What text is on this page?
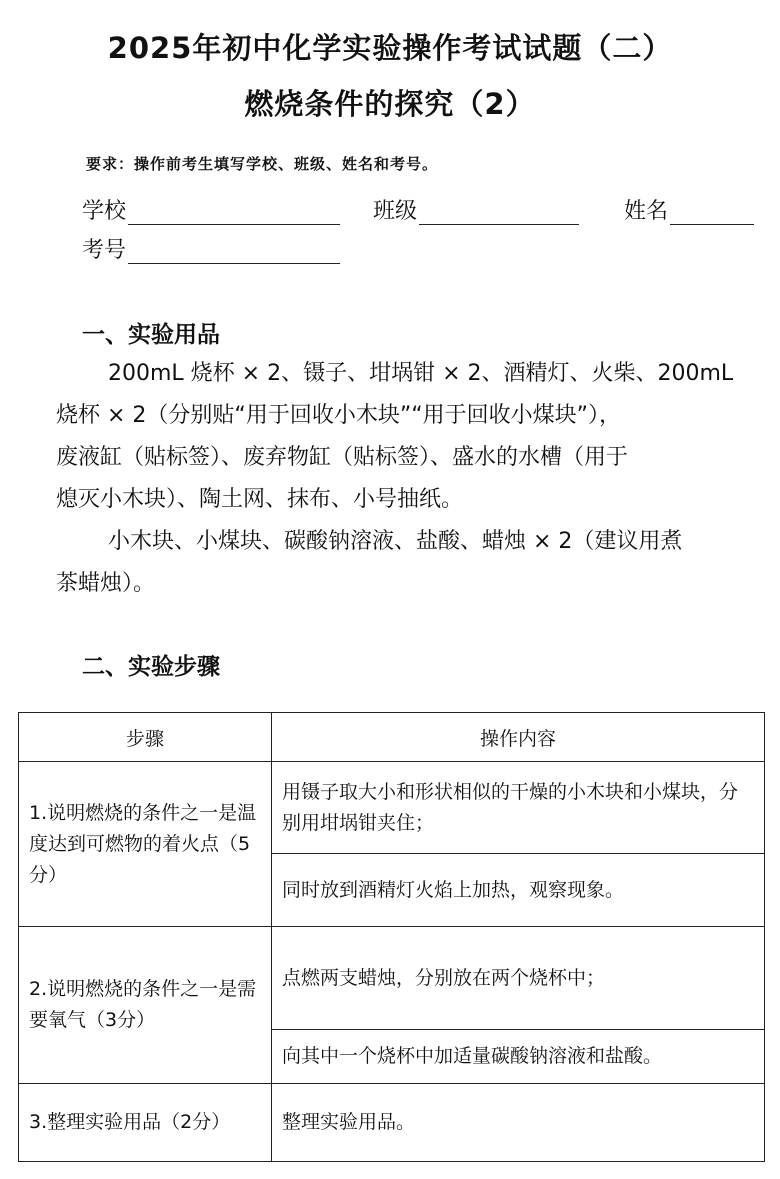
2025年初中化学实验操作考试试题（二）
燃烧条件的探究（2）
要求：操作前考生填写学校、班级、姓名和考号。
学校	班级	姓名
考号
一、实验用品
200mL 烧杯 × 2、镊子、坩埚钳 × 2、酒精灯、火柴、200mL
烧杯 × 2（分别贴“用于回收小木块”“用于回收小煤块”），
废液缸（贴标签）、废弃物缸（贴标签）、盛水的水槽（用于
熄灭小木块）、陶土网、抹布、小号抽纸。
小木块、小煤块、碳酸钠溶液、盐酸、蜡烛 × 2（建议用煮
茶蜡烛）。
二、实验步骤
步骤	操作内容
1.说明燃烧的条件之一是温度达到可燃物的着火点（5分）	用镊子取大小和形状相似的干燥的小木块和小煤块，分别用坩埚钳夹住；
	同时放到酒精灯火焰上加热，观察现象。
2.说明燃烧的条件之一是需要氧气（3分）	点燃两支蜡烛，分别放在两个烧杯中；
	向其中一个烧杯中加适量碳酸钠溶液和盐酸。
3.整理实验用品（2分）	整理实验用品。
